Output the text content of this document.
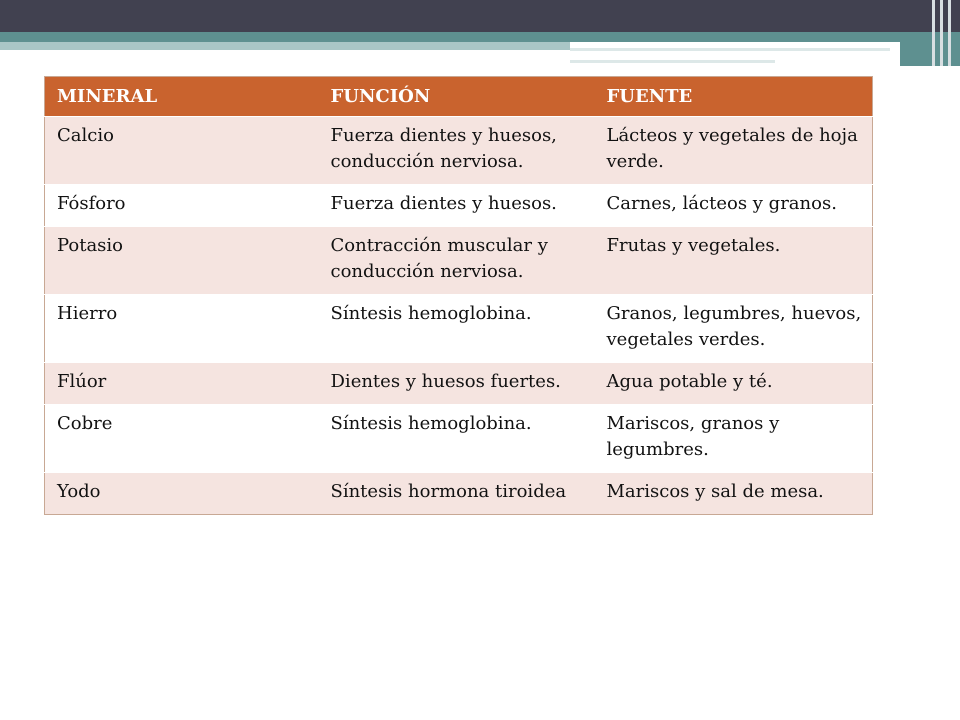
MINERAL	FUNCIÓN	FUENTE
Calcio	Fuerza dientes y huesos, conducción nerviosa.	Lácteos y vegetales de hoja verde.
Fósforo	Fuerza dientes y huesos.	Carnes, lácteos y granos.
Potasio	Contracción muscular y conducción nerviosa.	Frutas y vegetales.
Hierro	Síntesis hemoglobina.	Granos, legumbres, huevos, vegetales verdes.
Flúor	Dientes y huesos fuertes.	Agua potable y té.
Cobre	Síntesis hemoglobina.	Mariscos, granos y legumbres.
Yodo	Síntesis hormona tiroidea	Mariscos y sal de mesa.
